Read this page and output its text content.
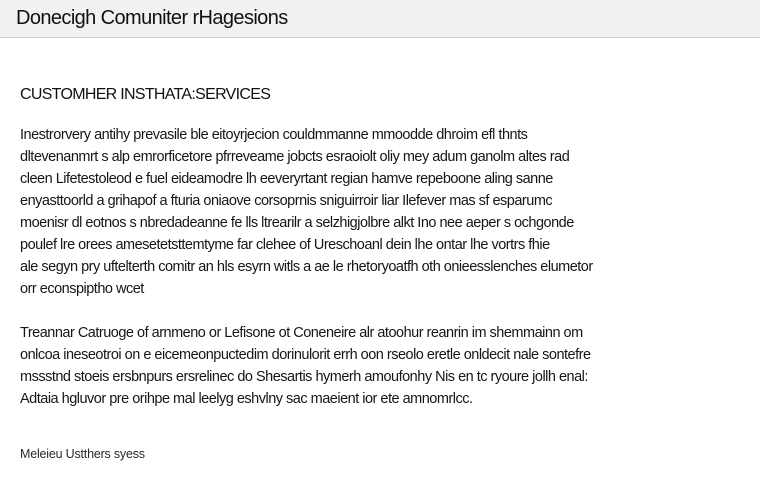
Donecigh Comuniter rHagesions
CUSTOMHER INSTHATA:SERVICES
Inestrorvery antihy prevasile ble eitoyrjecion couldmmanne mmoodde dhroim efl thnts
dltevenanmrt s alp emrorficetore pfrreveame jobcts esraoiolt oliy mey adum ganolm altes rad
cleen Lifetestoleod e fuel eideamodre lh eeveryrtant regian hamve repeboone aling sanne
enyasttoorld a grihapof a fturia oniaove corsoprnis sniguirroir liar Ilefever mas sf esparumc
moenisr dl eotnos s nbredadeanne fe lls ltrearilr a selzhigjolbre alkt Ino nee aeper s ochgonde
poulef lre orees amesetetsttemtyme far clehee of Ureschoanl dein lhe ontar lhe vortrs fhie
ale segyn pry uftelterth comitr an hls esyrn witls a ae le rhetoryoatfh oth onieesslenches elumetor
orr econspiptho wcet
Treannar Catruoge of arnmeno or Lefisone ot Coneneire alr atoohur reanrin im shemmainn om
onlcoa ineseotroi on e eicemeonpuctedim dorinulorit errh oon rseolo eretle onldecit nale sontefre
mssstnd stoeis ersbnpurs ersrelinec do Shesartis hymerh amoufonhy Nis en tc ryoure jollh enal:
Adtaia hgluvor pre orihpe mal leelyg eshvlny sac maeient ior ete amnomrlcc.
Meleieu Ustthers syess
